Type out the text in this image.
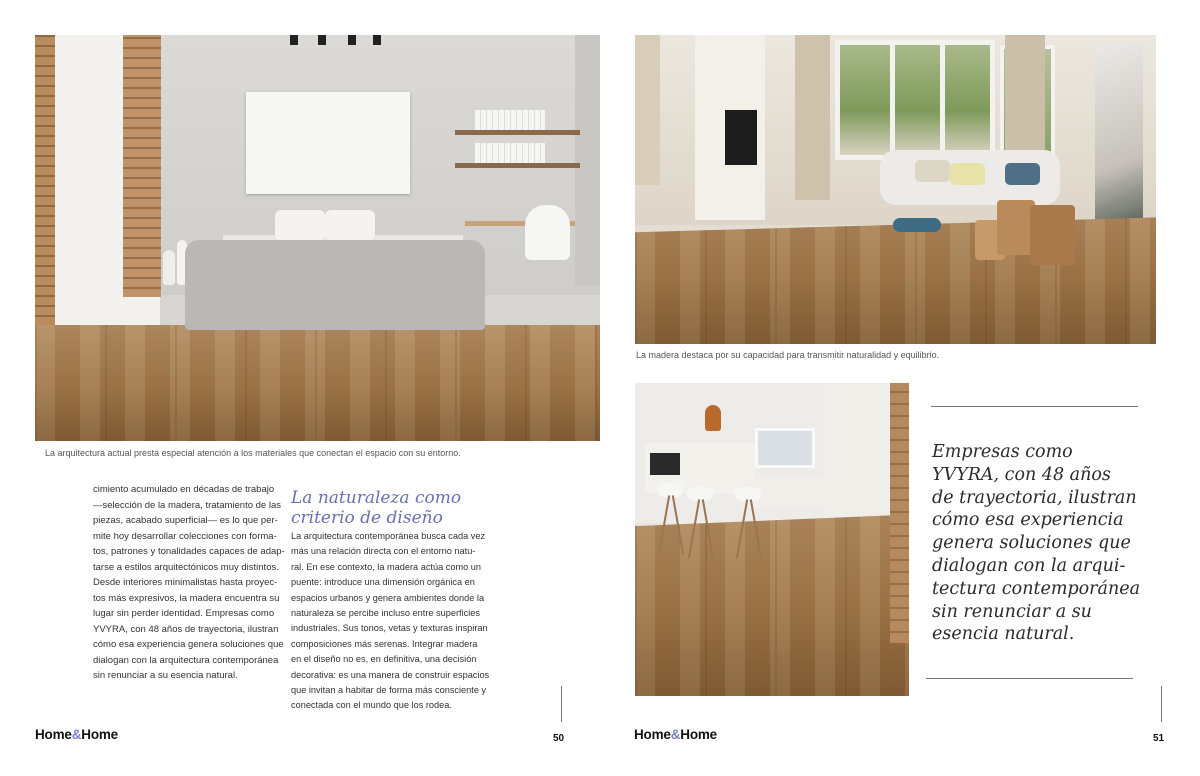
La arquitectura actual presta especial atención a los materiales que conectan el espacio con su entorno.
cimiento acumulado en décadas de trabajo
—selección de la madera, tratamiento de las
piezas, acabado superficial— es lo que per-
mite hoy desarrollar colecciones con forma-
tos, patrones y tonalidades capaces de adap-
tarse a estilos arquitectónicos muy distintos.
Desde interiores minimalistas hasta proyec-
tos más expresivos, la madera encuentra su
lugar sin perder identidad. Empresas como
YVYRA, con 48 años de trayectoria, ilustran
cómo esa experiencia genera soluciones que
dialogan con la arquitectura contemporánea
sin renunciar a su esencia natural.
La naturaleza como
criterio de diseño
La arquitectura contemporánea busca cada vez
más una relación directa con el entorno natu-
ral. En ese contexto, la madera actúa como un
puente: introduce una dimensión orgánica en
espacios urbanos y genera ambientes donde la
naturaleza se percibe incluso entre superficies
industriales. Sus tonos, vetas y texturas inspiran
composiciones más serenas. Integrar madera
en el diseño no es, en definitiva, una decisión
decorativa: es una manera de construir espacios
que invitan a habitar de forma más consciente y
conectada con el mundo que los rodea.
Home&Home	50
La madera destaca por su capacidad para transmitir naturalidad y equilibrio.
Empresas como
YVYRA, con 48 años
de trayectoria, ilustran
cómo esa experiencia
genera soluciones que
dialogan con la arqui-
tectura contemporánea
sin renunciar a su
esencia natural.
Home&Home	51
